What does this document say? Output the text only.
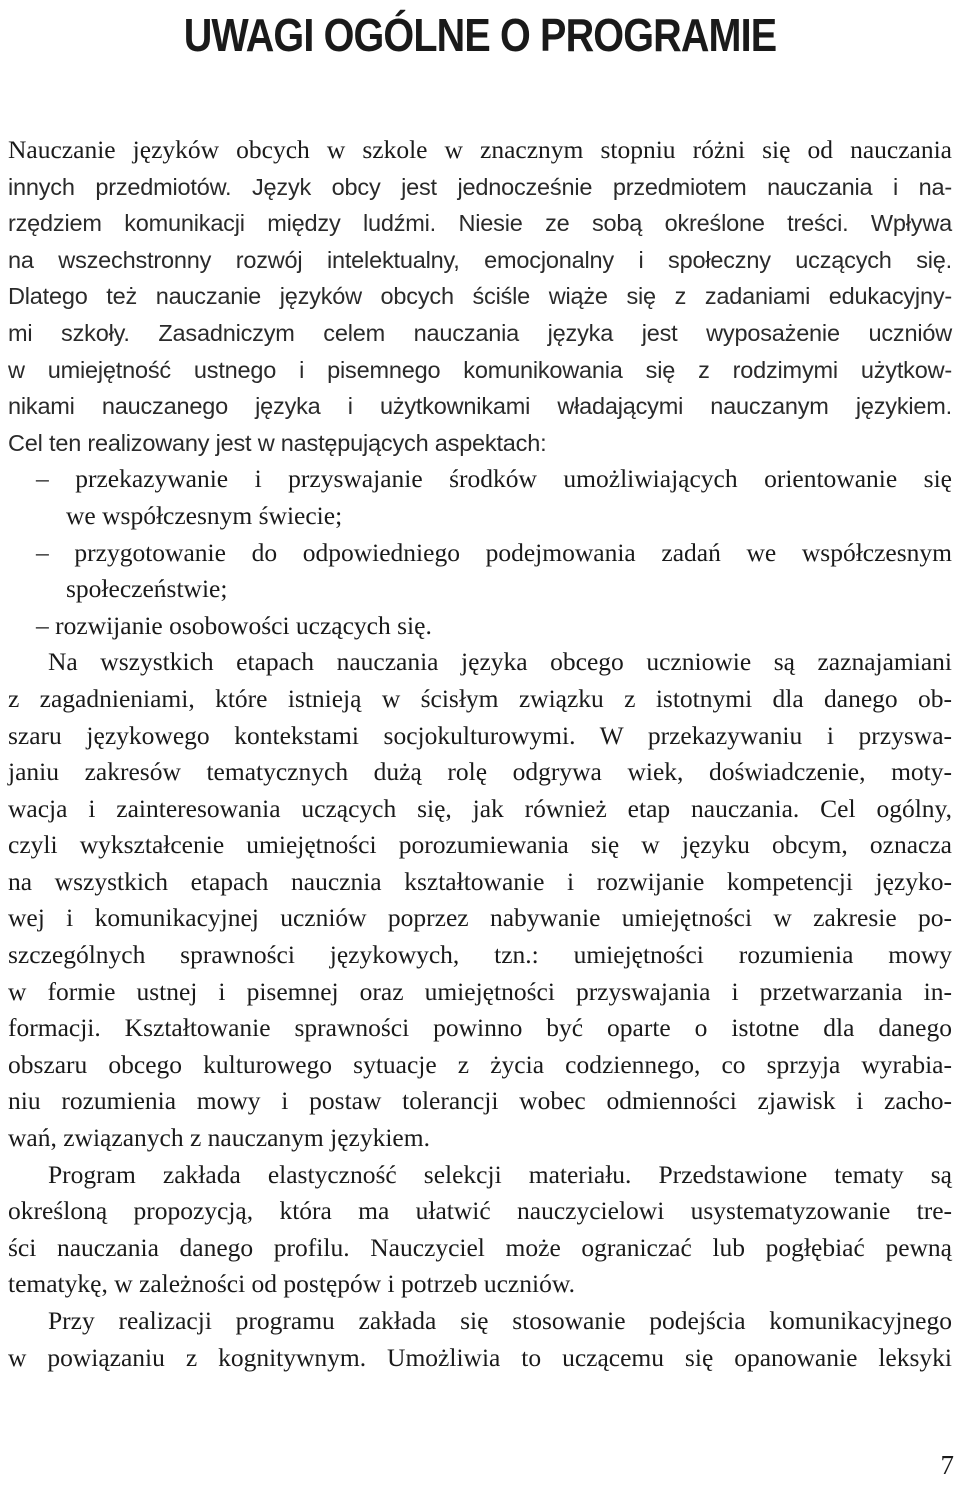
UWAGI OGÓLNE O PROGRAMIE
Nauczanie języków obcych w szkole w znacznym stopniu różni się od nauczania
innych przedmiotów. Język obcy jest jednocześnie przedmiotem nauczania i na-
rzędziem komunikacji między ludźmi. Niesie ze sobą określone treści. Wpływa
na wszechstronny rozwój intelektualny, emocjonalny i społeczny uczących się.
Dlatego też nauczanie języków obcych ściśle wiąże się z zadaniami edukacyjny-
mi szkoły. Zasadniczym celem nauczania języka jest wyposażenie uczniów
w umiejętność ustnego i pisemnego komunikowania się z rodzimymi użytkow-
nikami nauczanego języka i użytkownikami władającymi nauczanym językiem.
Cel ten realizowany jest w następujących aspektach:
– przekazywanie i przyswajanie środków umożliwiających orientowanie się
we współczesnym świecie;
– przygotowanie do odpowiedniego podejmowania zadań we współczesnym
społeczeństwie;
– rozwijanie osobowości uczących się.
Na wszystkich etapach nauczania języka obcego uczniowie są zaznajamiani
z zagadnieniami, które istnieją w ścisłym związku z istotnymi dla danego ob-
szaru językowego kontekstami socjokulturowymi. W przekazywaniu i przyswa-
janiu zakresów tematycznych dużą rolę odgrywa wiek, doświadczenie, moty-
wacja i zainteresowania uczących się, jak również etap nauczania. Cel ogólny,
czyli wykształcenie umiejętności porozumiewania się w języku obcym, oznacza
na wszystkich etapach naucznia kształtowanie i rozwijanie kompetencji języko-
wej i komunikacyjnej uczniów poprzez nabywanie umiejętności w zakresie po-
szczególnych sprawności językowych, tzn.: umiejętności rozumienia mowy
w formie ustnej i pisemnej oraz umiejętności przyswajania i przetwarzania in-
formacji. Kształtowanie sprawności powinno być oparte o istotne dla danego
obszaru obcego kulturowego sytuacje z życia codziennego, co sprzyja wyrabia-
niu rozumienia mowy i postaw tolerancji wobec odmienności zjawisk i zacho-
wań, związanych z nauczanym językiem.
Program zakłada elastyczność selekcji materiału. Przedstawione tematy są
określoną propozycją, która ma ułatwić nauczycielowi usystematyzowanie tre-
ści nauczania danego profilu. Nauczyciel może ograniczać lub pogłębiać pewną
tematykę, w zależności od postępów i potrzeb uczniów.
Przy realizacji programu zakłada się stosowanie podejścia komunikacyjnego
w powiązaniu z kognitywnym. Umożliwia to uczącemu się opanowanie leksyki
7
